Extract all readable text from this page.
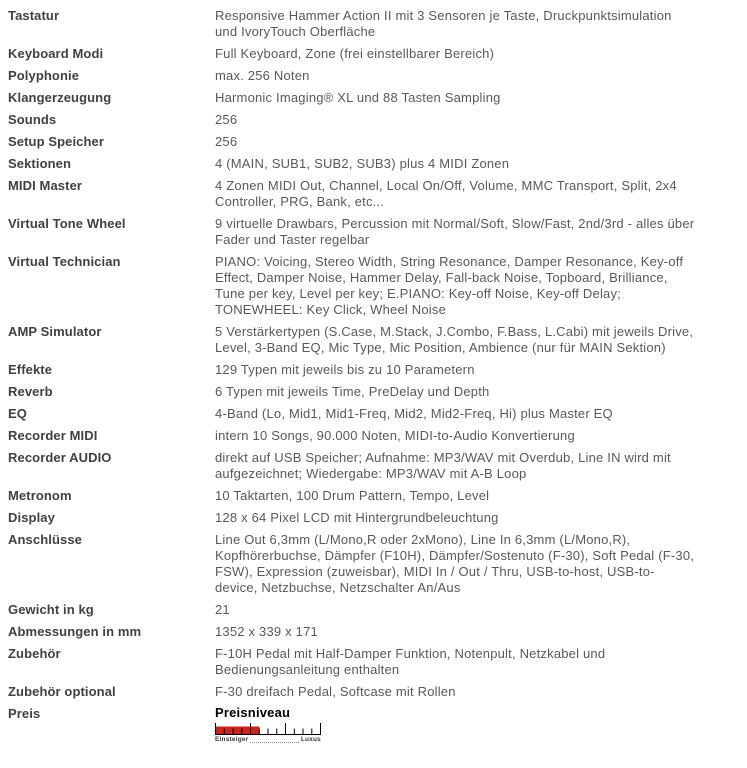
Tastatur	Responsive Hammer Action II mit 3 Sensoren je Taste, Druckpunktsimulation und IvoryTouch Oberfläche
Keyboard Modi	Full Keyboard, Zone (frei einstellbarer Bereich)
Polyphonie	max. 256 Noten
Klangerzeugung	Harmonic Imaging® XL und 88 Tasten Sampling
Sounds	256
Setup Speicher	256
Sektionen	4 (MAIN, SUB1, SUB2, SUB3) plus 4 MIDI Zonen
MIDI Master	4 Zonen MIDI Out, Channel, Local On/Off, Volume, MMC Transport, Split, 2x4 Controller, PRG, Bank, etc...
Virtual Tone Wheel	9 virtuelle Drawbars, Percussion mit Normal/Soft, Slow/Fast, 2nd/3rd - alles über Fader und Taster regelbar
Virtual Technician	PIANO: Voicing, Stereo Width, String Resonance, Damper Resonance, Key-off Effect, Damper Noise, Hammer Delay, Fall-back Noise, Topboard, Brilliance, Tune per key, Level per key; E.PIANO: Key-off Noise, Key-off Delay; TONEWHEEL: Key Click, Wheel Noise
AMP Simulator	5 Verstärkertypen (S.Case, M.Stack, J.Combo, F.Bass, L.Cabi) mit jeweils Drive, Level, 3-Band EQ, Mic Type, Mic Position, Ambience (nur für MAIN Sektion)
Effekte	129 Typen mit jeweils bis zu 10 Parametern
Reverb	6 Typen mit jeweils Time, PreDelay und Depth
EQ	4-Band (Lo, Mid1, Mid1-Freq, Mid2, Mid2-Freq, Hi) plus Master EQ
Recorder MIDI	intern 10 Songs, 90.000 Noten, MIDI-to-Audio Konvertierung
Recorder AUDIO	direkt auf USB Speicher; Aufnahme: MP3/WAV mit Overdub, Line IN wird mit aufgezeichnet; Wiedergabe: MP3/WAV mit A-B Loop
Metronom	10 Taktarten, 100 Drum Pattern, Tempo, Level
Display	128 x 64 Pixel LCD mit Hintergrundbeleuchtung
Anschlüsse	Line Out 6,3mm (L/Mono,R oder 2xMono), Line In 6,3mm (L/Mono,R), Kopfhörerbuchse, Dämpfer (F10H), Dämpfer/Sostenuto (F-30), Soft Pedal (F-30, FSW), Expression (zuweisbar), MIDI In / Out / Thru, USB-to-host, USB-to-device, Netzbuchse, Netzschalter An/Aus
Gewicht in kg	21
Abmessungen in mm	1352 x 339 x 171
Zubehör	F-10H Pedal mit Half-Damper Funktion, Notenpult, Netzkabel und Bedienungsanleitung enthalten
Zubehör optional	F-30 dreifach Pedal, Softcase mit Rollen
Preis	Preisniveau
Einsteiger	Luxus
